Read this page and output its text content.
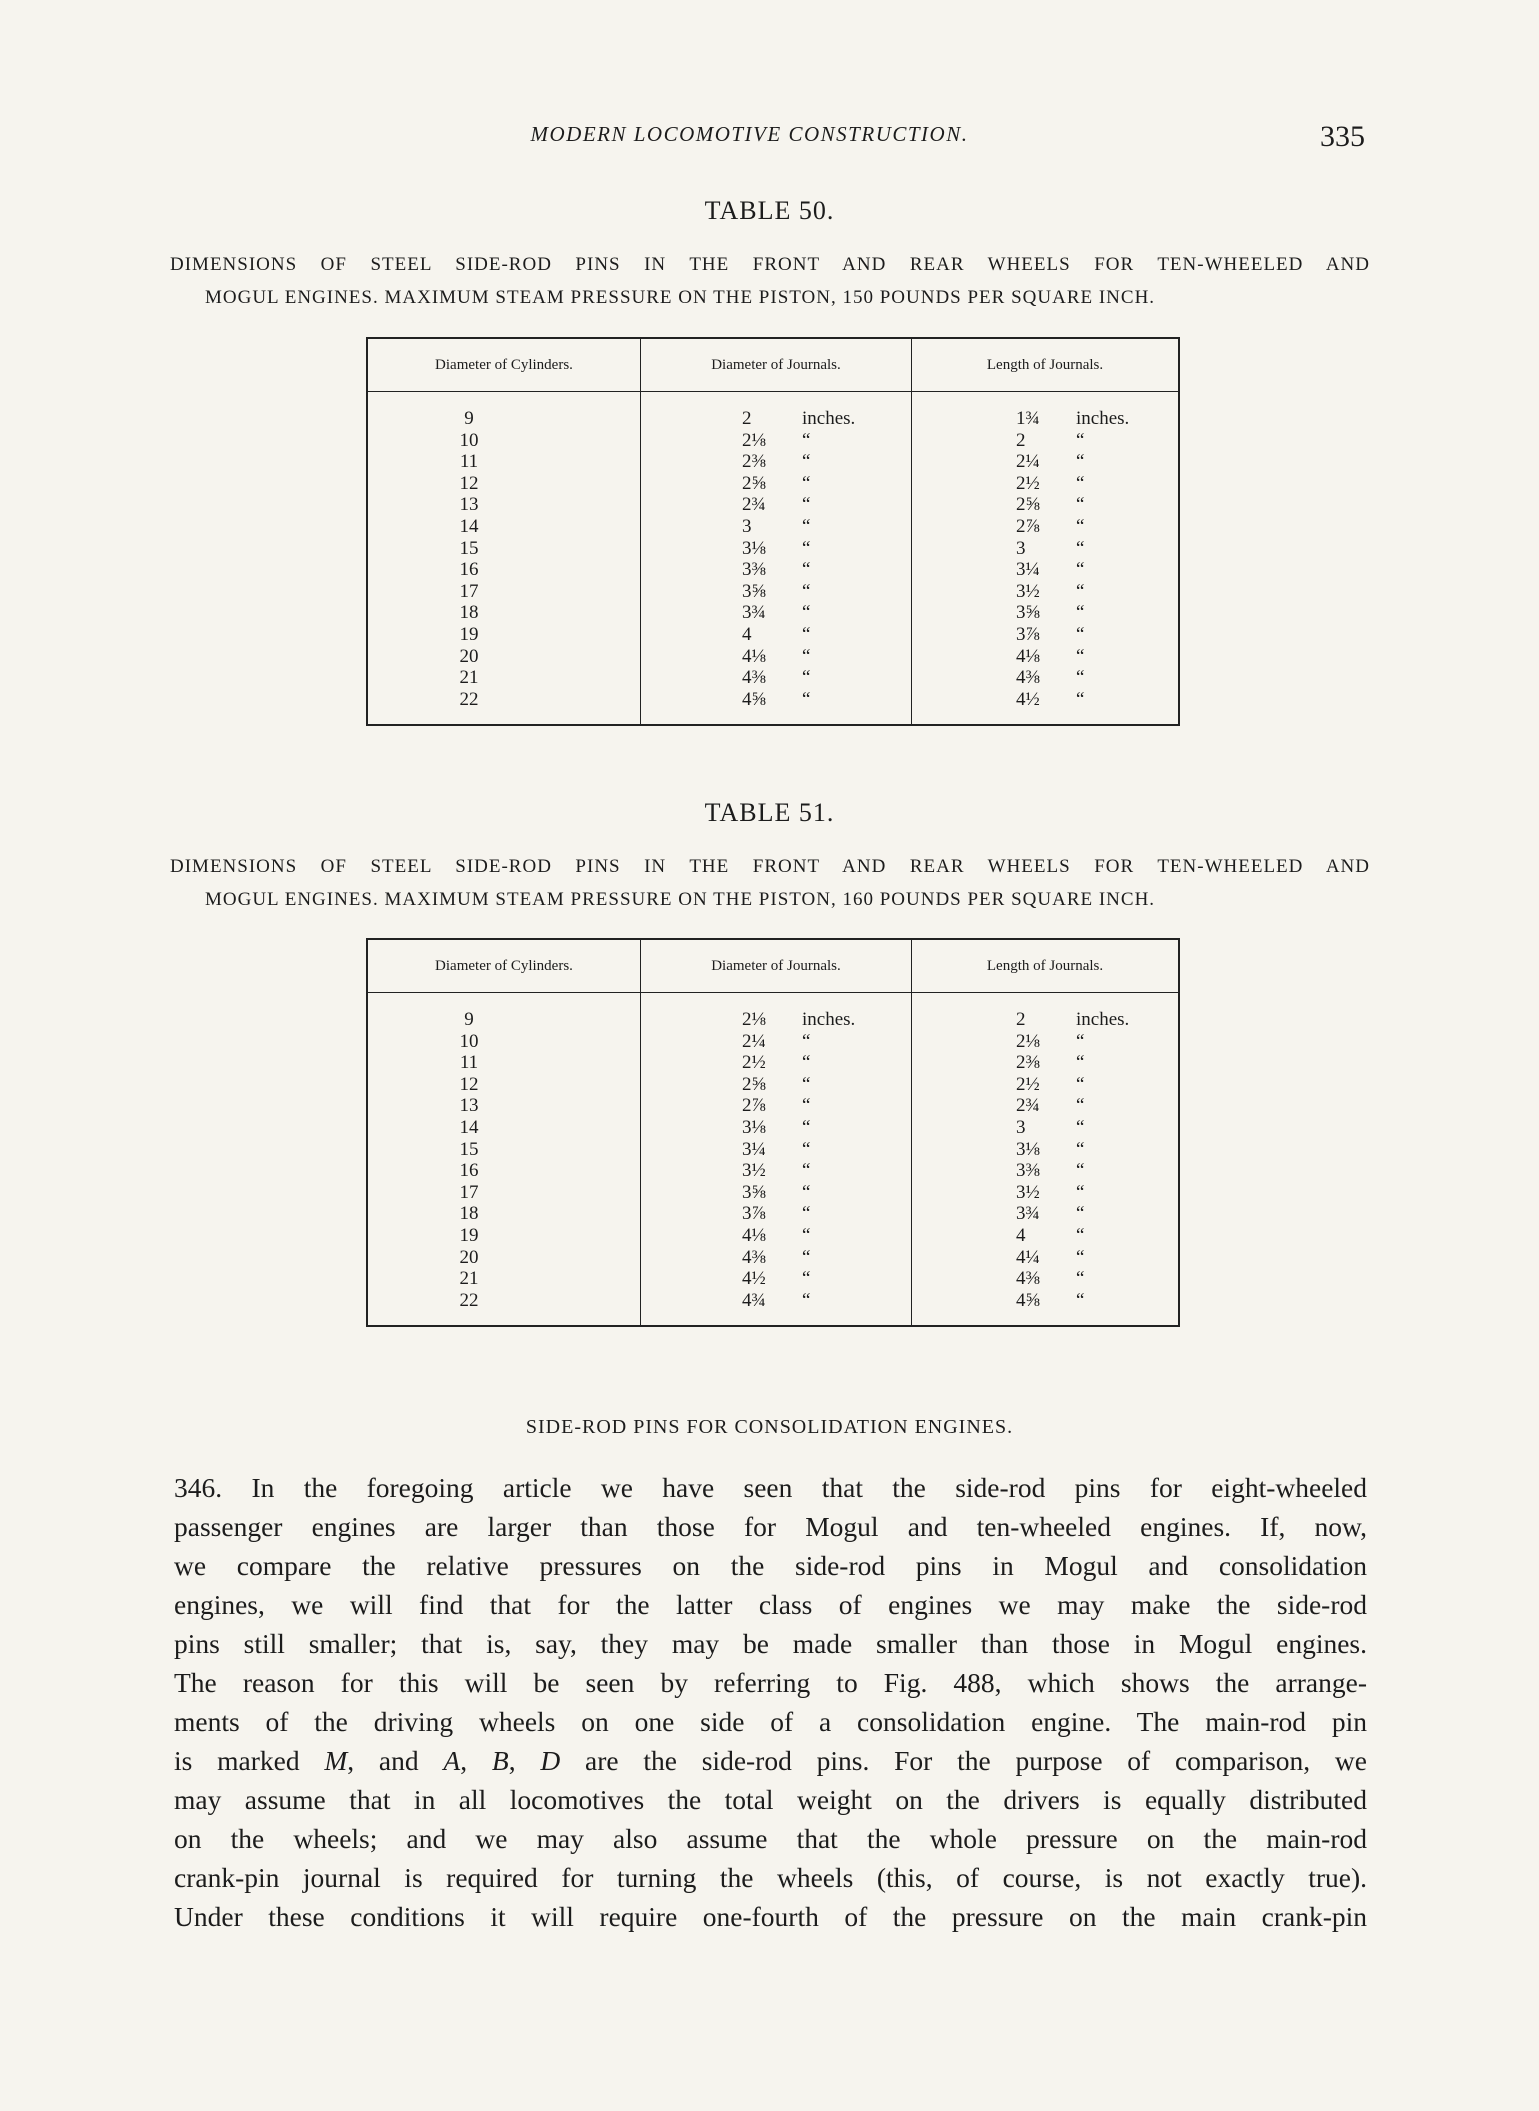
MODERN LOCOMOTIVE CONSTRUCTION.	335
TABLE 50.
DIMENSIONS OF STEEL SIDE-ROD PINS IN THE FRONT AND REAR WHEELS FOR TEN-WHEELED AND
MOGUL ENGINES. MAXIMUM STEAM PRESSURE ON THE PISTON, 150 POUNDS PER SQUARE INCH.
Diameter of Cylinders.	Diameter of Journals.	Length of Journals.
9	2 inches.	1¾ inches.
10	2⅛ “	2 “
11	2⅜ “	2¼ “
12	2⅝ “	2½ “
13	2¾ “	2⅝ “
14	3 “	2⅞ “
15	3⅛ “	3 “
16	3⅜ “	3¼ “
17	3⅝ “	3½ “
18	3¾ “	3⅝ “
19	4 “	3⅞ “
20	4⅛ “	4⅛ “
21	4⅜ “	4⅜ “
22	4⅝ “	4½ “
TABLE 51.
DIMENSIONS OF STEEL SIDE-ROD PINS IN THE FRONT AND REAR WHEELS FOR TEN-WHEELED AND
MOGUL ENGINES. MAXIMUM STEAM PRESSURE ON THE PISTON, 160 POUNDS PER SQUARE INCH.
Diameter of Cylinders.	Diameter of Journals.	Length of Journals.
9	2⅛ inches.	2 inches.
10	2¼ “	2⅛ “
11	2½ “	2⅜ “
12	2⅝ “	2½ “
13	2⅞ “	2¾ “
14	3⅛ “	3 “
15	3¼ “	3⅛ “
16	3½ “	3⅜ “
17	3⅝ “	3½ “
18	3⅞ “	3¾ “
19	4⅛ “	4 “
20	4⅜ “	4¼ “
21	4½ “	4⅜ “
22	4¾ “	4⅝ “
SIDE-ROD PINS FOR CONSOLIDATION ENGINES.
346. In the foregoing article we have seen that the side-rod pins for eight-wheeled
passenger engines are larger than those for Mogul and ten-wheeled engines. If, now,
we compare the relative pressures on the side-rod pins in Mogul and consolidation
engines, we will find that for the latter class of engines we may make the side-rod
pins still smaller; that is, say, they may be made smaller than those in Mogul engines.
The reason for this will be seen by referring to Fig. 488, which shows the arrange-
ments of the driving wheels on one side of a consolidation engine. The main-rod pin
is marked M, and A, B, D are the side-rod pins. For the purpose of comparison, we
may assume that in all locomotives the total weight on the drivers is equally distributed
on the wheels; and we may also assume that the whole pressure on the main-rod
crank-pin journal is required for turning the wheels (this, of course, is not exactly true).
Under these conditions it will require one-fourth of the pressure on the main crank-pin
